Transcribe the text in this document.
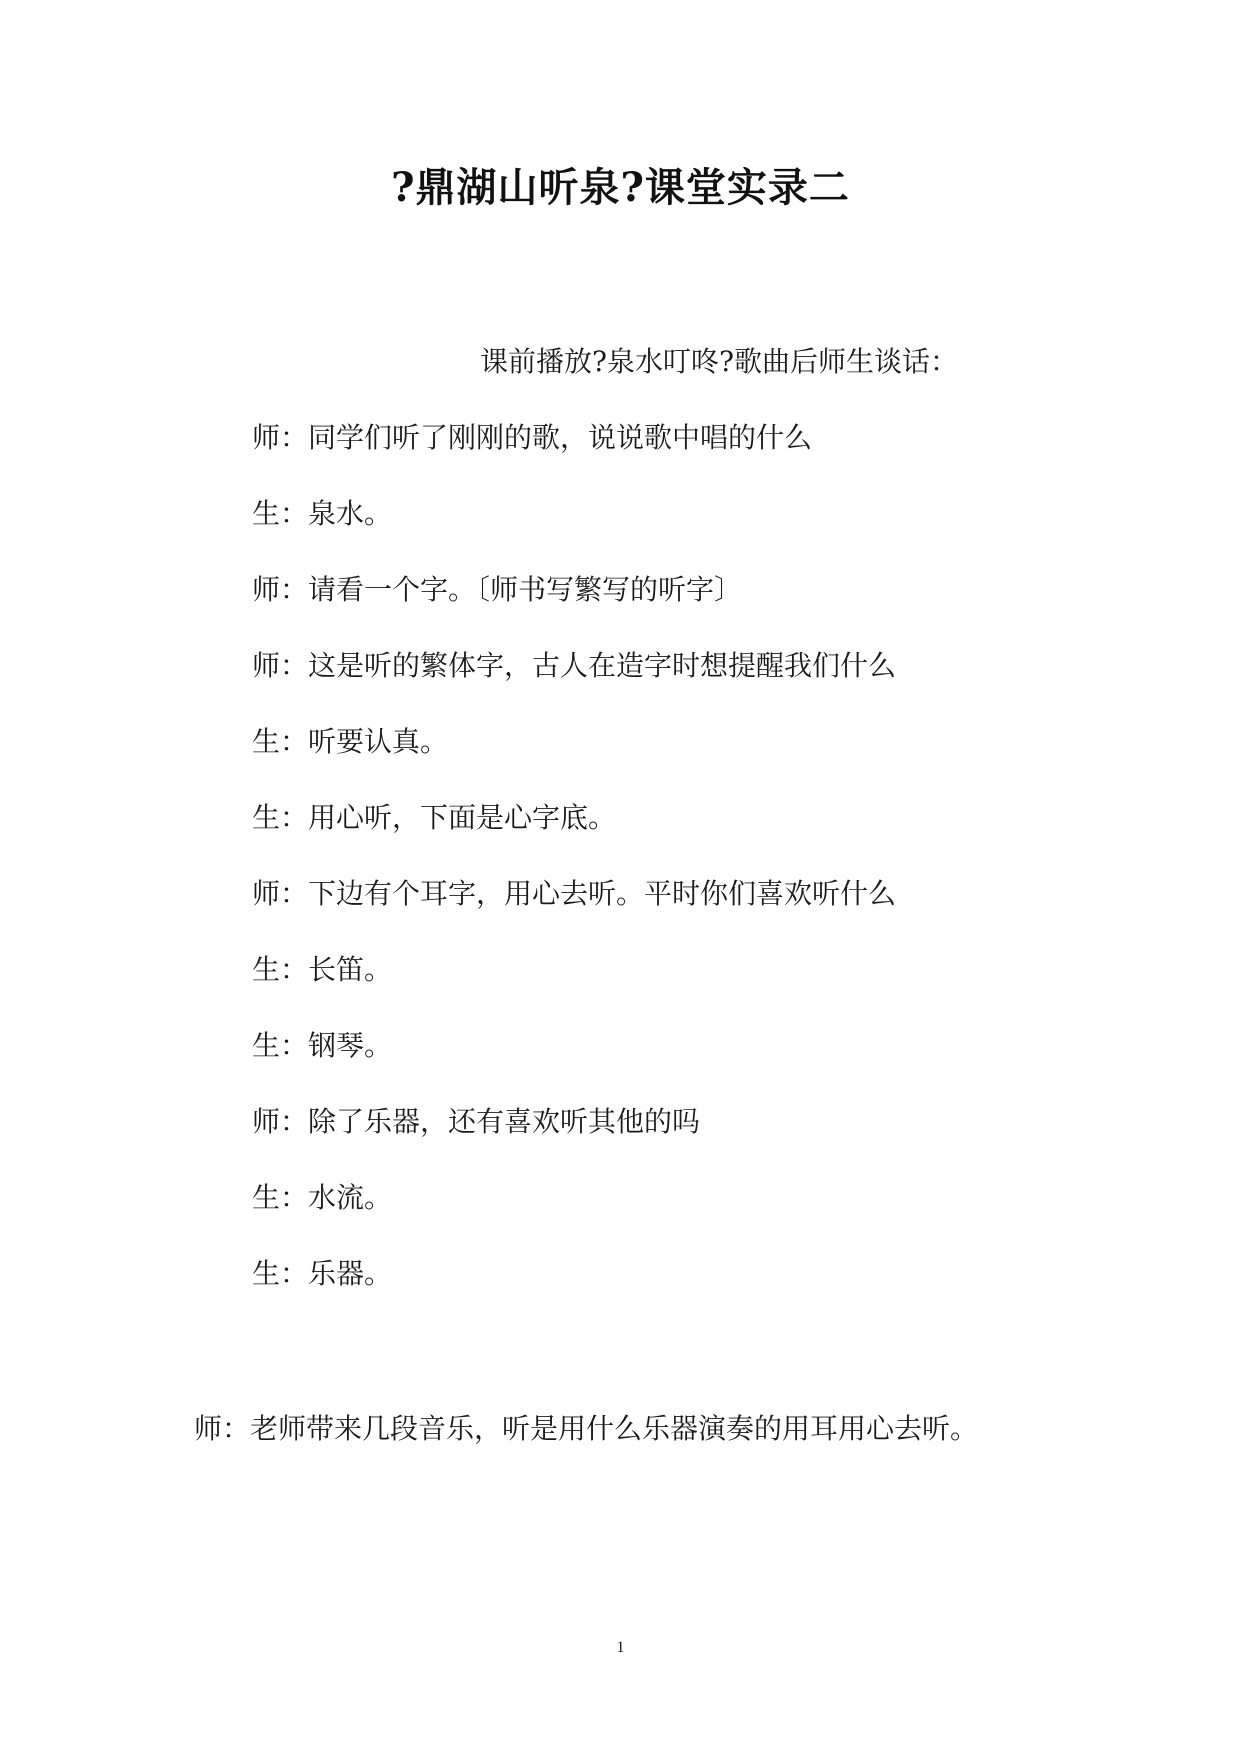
?鼎湖山听泉?课堂实录二

课前播放?泉水叮咚?歌曲后师生谈话：

师：同学们听了刚刚的歌，说说歌中唱的什么
生：泉水。
师：请看一个字。〔师书写繁写的听字〕
师：这是听的繁体字，古人在造字时想提醒我们什么
生：听要认真。
生：用心听，下面是心字底。
师：下边有个耳字，用心去听。平时你们喜欢听什么
生：长笛。
生：钢琴。
师：除了乐器，还有喜欢听其他的吗
生：水流。
生：乐器。

师：老师带来几段音乐，听是用什么乐器演奏的用耳用心去听。

1
